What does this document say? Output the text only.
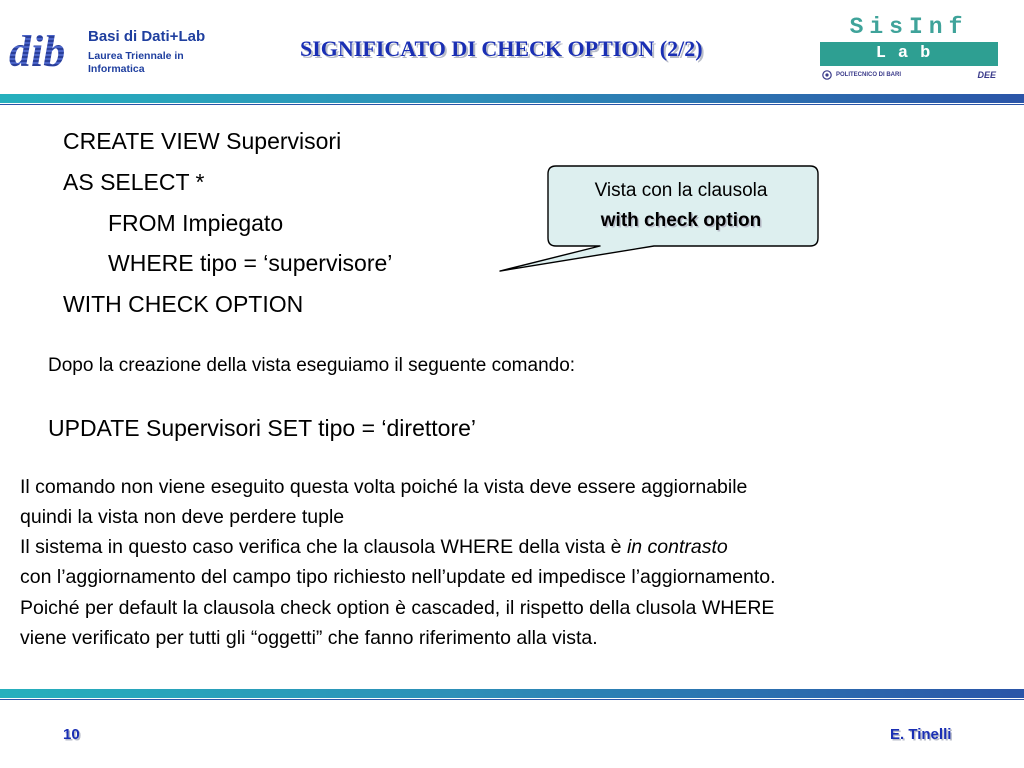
dib Basi di Dati+Lab
Laurea Triennale in Informatica
SIGNIFICATO DI CHECK OPTION (2/2)
SisInf
Lab
POLITECNICO DI BARI	DEE
CREATE VIEW Supervisori
AS SELECT *
FROM Impiegato
WHERE tipo = ‘supervisore’
WITH CHECK OPTION
Vista con la clausola
with check option
Dopo la creazione della vista eseguiamo il seguente comando:
UPDATE Supervisori SET tipo = ‘direttore’
Il comando non viene eseguito questa volta poiché la vista deve essere aggiornabile
quindi la vista non deve perdere tuple
Il sistema in questo caso verifica che la clausola WHERE della vista è in contrasto
con l’aggiornamento del campo tipo richiesto nell’update ed impedisce l’aggiornamento.
Poiché per default la clausola check option è cascaded, il rispetto della clusola WHERE
viene verificato per tutti gli “oggetti” che fanno riferimento alla vista.
10	E. Tinelli
